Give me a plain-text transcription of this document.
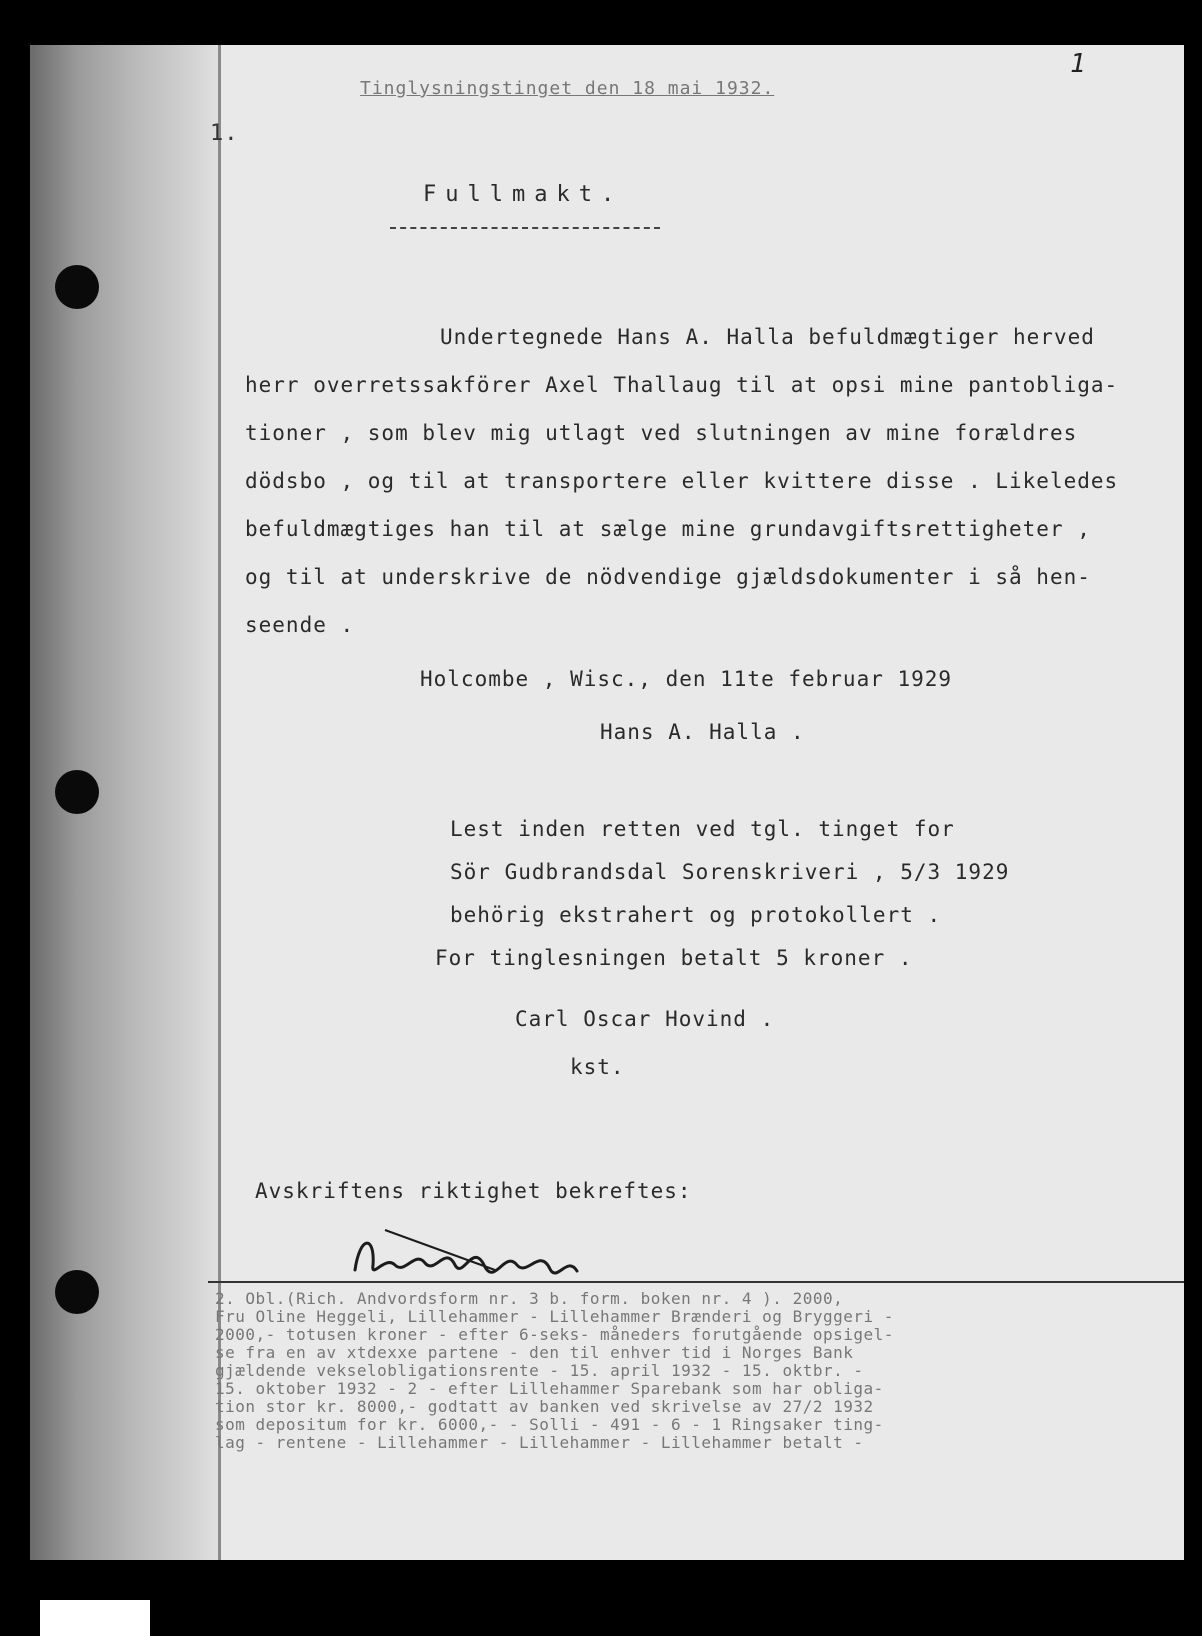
1
Tinglysningstinget den 18 mai 1932.
1.
Fullmakt.
Undertegnede Hans A. Halla befuldmægtiger herved
herr overretssakförer Axel Thallaug til at opsi mine pantobliga-
tioner , som blev mig utlagt ved slutningen av mine forældres
dödsbo , og til at transportere eller kvittere disse . Likeledes
befuldmægtiges han til at sælge mine grundavgiftsrettigheter ,
og til at underskrive de nödvendige gjældsdokumenter i så hen-
seende .
Holcombe , Wisc., den 11te februar 1929
Hans A. Halla .
Lest inden retten ved tgl. tinget for
Sör Gudbrandsdal Sorenskriveri , 5/3 1929
behörig ekstrahert og protokollert .
For tinglesningen betalt 5 kroner .
Carl Oscar Hovind .
kst.
Avskriftens riktighet bekreftes:
2. Obl.(Rich. Andvordsform nr. 3 b. form. boken nr. 4 ). 2000,
Fru Oline Heggeli, Lillehammer - Lillehammer Brænderi og Bryggeri -
2000,- totusen kroner - efter 6-seks- måneders forutgående opsigel-
se fra en av xtdexxe partene - den til enhver tid i Norges Bank
gjældende vekselobligationsrente - 15. april 1932 - 15. oktbr. -
15. oktober 1932 - 2 - efter Lillehammer Sparebank som har obliga-
tion stor kr. 8000,- godtatt av banken ved skrivelse av 27/2 1932
som depositum for kr. 6000,- - Solli - 491 - 6 - 1 Ringsaker ting-
lag - rentene - Lillehammer - Lillehammer - Lillehammer betalt -
